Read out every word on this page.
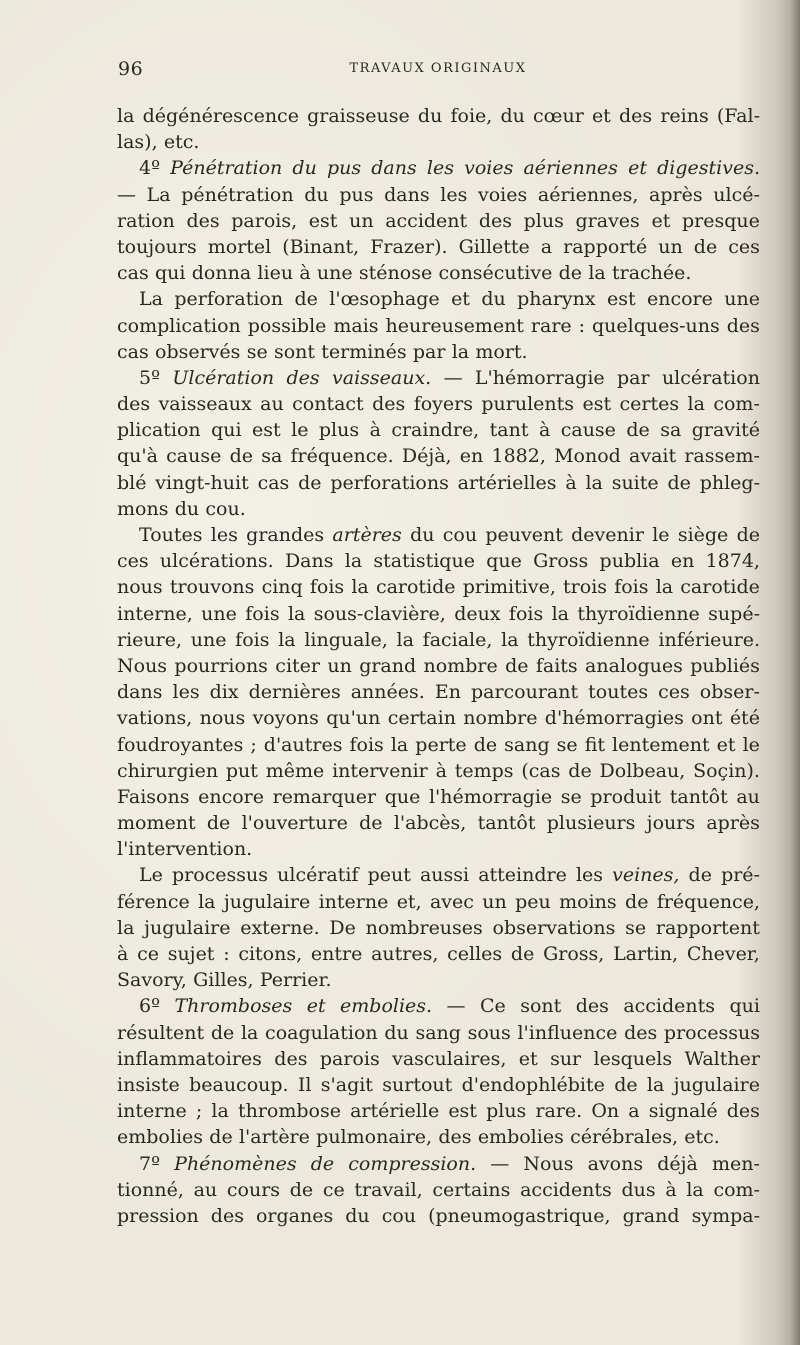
96	TRAVAUX ORIGINAUX
la dégénérescence graisseuse du foie, du cœur et des reins (Fal-
las), etc.
4º Pénétration du pus dans les voies aériennes et digestives.
— La pénétration du pus dans les voies aériennes, après ulcé-
ration des parois, est un accident des plus graves et presque
toujours mortel (Binant, Frazer). Gillette a rapporté un de ces
cas qui donna lieu à une sténose consécutive de la trachée.
La perforation de l'œsophage et du pharynx est encore une
complication possible mais heureusement rare : quelques-uns des
cas observés se sont terminés par la mort.
5º Ulcération des vaisseaux. — L'hémorragie par ulcération
des vaisseaux au contact des foyers purulents est certes la com-
plication qui est le plus à craindre, tant à cause de sa gravité
qu'à cause de sa fréquence. Déjà, en 1882, Monod avait rassem-
blé vingt-huit cas de perforations artérielles à la suite de phleg-
mons du cou.
Toutes les grandes artères du cou peuvent devenir le siège de
ces ulcérations. Dans la statistique que Gross publia en 1874,
nous trouvons cinq fois la carotide primitive, trois fois la carotide
interne, une fois la sous-clavière, deux fois la thyroïdienne supé-
rieure, une fois la linguale, la faciale, la thyroïdienne inférieure.
Nous pourrions citer un grand nombre de faits analogues publiés
dans les dix dernières années. En parcourant toutes ces obser-
vations, nous voyons qu'un certain nombre d'hémorragies ont été
foudroyantes ; d'autres fois la perte de sang se fit lentement et le
chirurgien put même intervenir à temps (cas de Dolbeau, Soçin).
Faisons encore remarquer que l'hémorragie se produit tantôt au
moment de l'ouverture de l'abcès, tantôt plusieurs jours après
l'intervention.
Le processus ulcératif peut aussi atteindre les veines, de pré-
férence la jugulaire interne et, avec un peu moins de fréquence,
la jugulaire externe. De nombreuses observations se rapportent
à ce sujet : citons, entre autres, celles de Gross, Lartin, Chever,
Savory, Gilles, Perrier.
6º Thromboses et embolies. — Ce sont des accidents qui
résultent de la coagulation du sang sous l'influence des processus
inflammatoires des parois vasculaires, et sur lesquels Walther
insiste beaucoup. Il s'agit surtout d'endophlébite de la jugulaire
interne ; la thrombose artérielle est plus rare. On a signalé des
embolies de l'artère pulmonaire, des embolies cérébrales, etc.
7º Phénomènes de compression. — Nous avons déjà men-
tionné, au cours de ce travail, certains accidents dus à la com-
pression des organes du cou (pneumogastrique, grand sympa-
